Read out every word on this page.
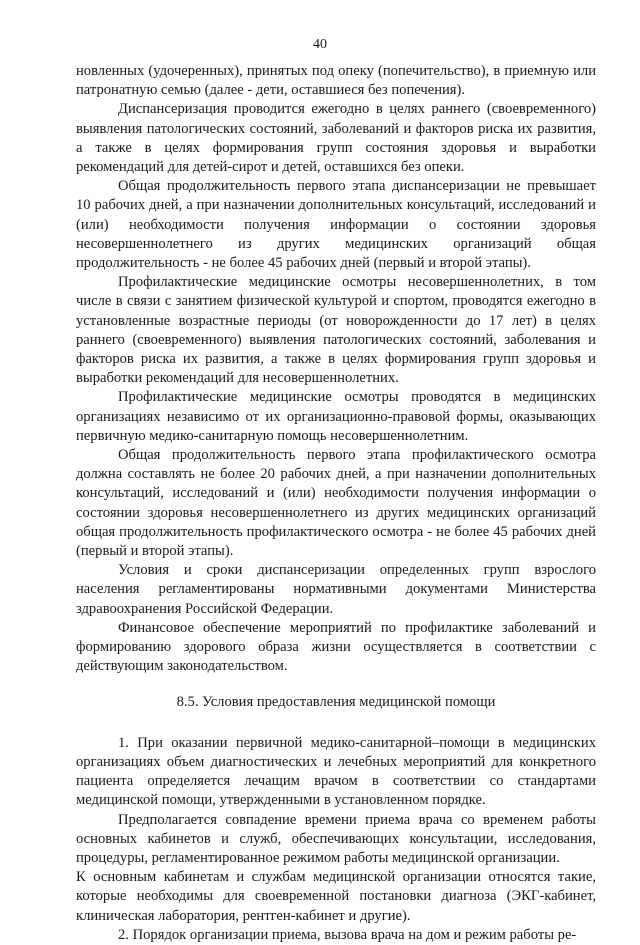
40

новленных (удочеренных), принятых под опеку (попечительство), в приемную или патронатную семью (далее - дети, оставшиеся без попечения).

Диспансеризация проводится ежегодно в целях раннего (своевременного) выявления патологических состояний, заболеваний и факторов риска их развития, а также в целях формирования групп состояния здоровья и выработки рекомендаций для детей-сирот и детей, оставшихся без опеки.

Общая продолжительность первого этапа диспансеризации не превышает 10 рабочих дней, а при назначении дополнительных консультаций, исследований и (или) необходимости получения информации о состоянии здоровья несовершеннолетнего из других медицинских организаций общая продолжительность - не более 45 рабочих дней (первый и второй этапы).

Профилактические медицинские осмотры несовершеннолетних, в том числе в связи с занятием физической культурой и спортом, проводятся ежегодно в установленные возрастные периоды (от новорожденности до 17 лет) в целях раннего (своевременного) выявления патологических состояний, заболевания и факторов риска их развития, а также в целях формирования групп здоровья и выработки рекомендаций для несовершеннолетних.

Профилактические медицинские осмотры проводятся в медицинских организациях независимо от их организационно-правовой формы, оказывающих первичную медико-санитарную помощь несовершеннолетним.

Общая продолжительность первого этапа профилактического осмотра должна составлять не более 20 рабочих дней, а при назначении дополнительных консультаций, исследований и (или) необходимости получения информации о состоянии здоровья несовершеннолетнего из других медицинских организаций общая продолжительность профилактического осмотра - не более 45 рабочих дней (первый и второй этапы).

Условия и сроки диспансеризации определенных групп взрослого населения регламентированы нормативными документами Министерства здравоохранения Российской Федерации.

Финансовое обеспечение мероприятий по профилактике заболеваний и формированию здорового образа жизни осуществляется в соответствии с действующим законодательством.

8.5. Условия предоставления медицинской помощи

1. При оказании первичной медико-санитарной–помощи в медицинских организациях объем диагностических и лечебных мероприятий для конкретного пациента определяется лечащим врачом в соответствии со стандартами медицинской помощи, утвержденными в установленном порядке.

Предполагается совпадение времени приема врача со временем работы основных кабинетов и служб, обеспечивающих консультации, исследования, процедуры, регламентированное режимом работы медицинской организации.

К основным кабинетам и службам медицинской организации относятся такие, которые необходимы для своевременной постановки диагноза (ЭКГ-кабинет, клиническая лаборатория, рентген-кабинет и другие).

2. Порядок организации приема, вызова врача на дом и режим работы ре-
